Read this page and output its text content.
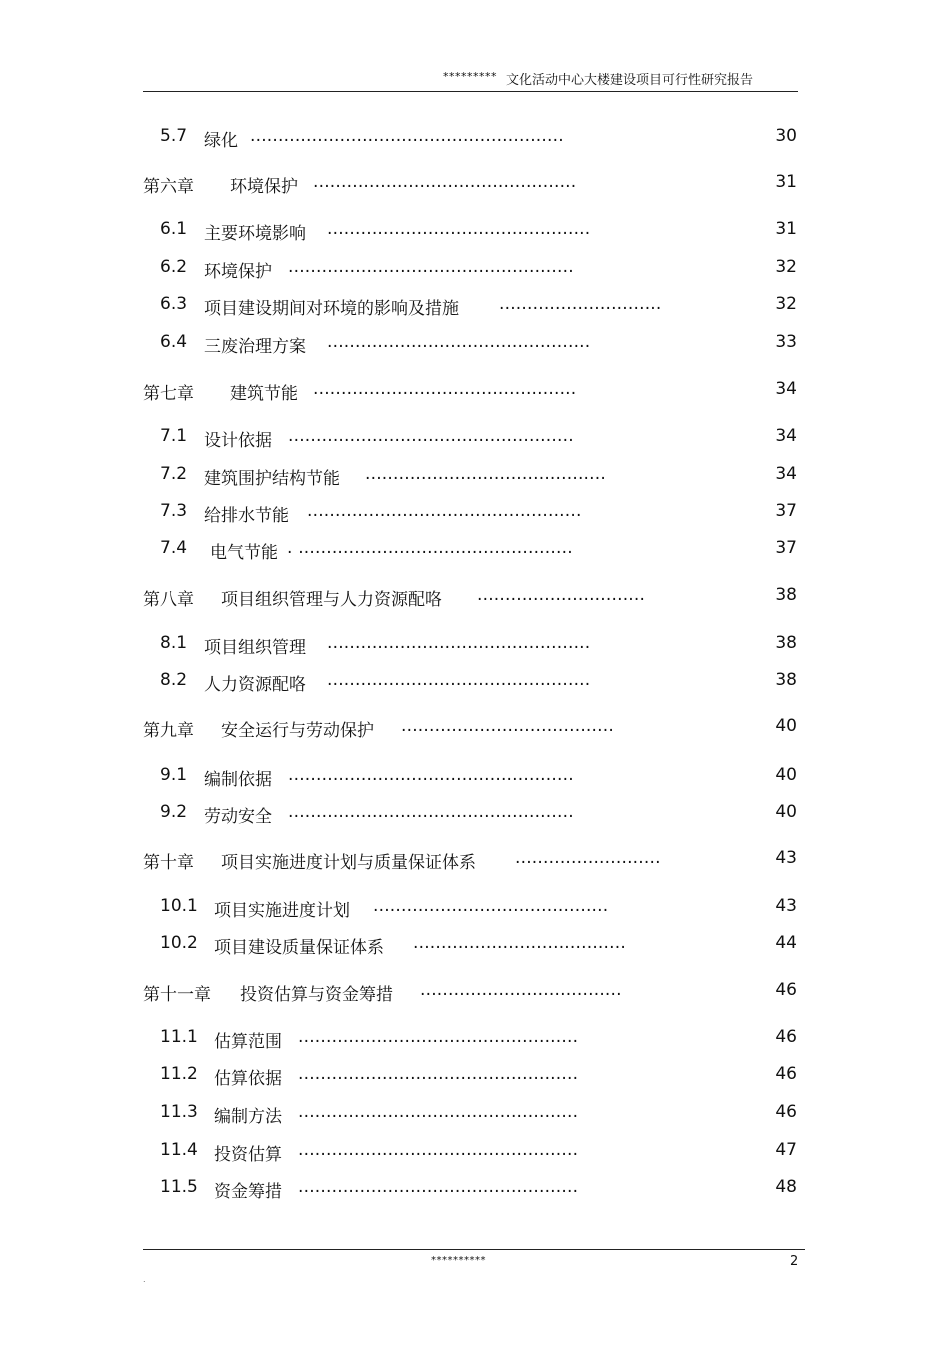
********* 文化活动中心大楼建设项目可行性研究报告
5.7 绿化 ........................................................	30
第六章 环境保护 ...............................................	31
6.1 主要环境影响 ...............................................	31
6.2 环境保护 ...................................................	32
6.3 项目建设期间对环境的影响及措施 .............................	32
6.4 三废治理方案 ...............................................	33
第七章 建筑节能 ...............................................	34
7.1 设计依据 ...................................................	34
7.2 建筑围护结构节能 ...........................................	34
7.3 给排水节能 .................................................	37
7.4 电气节能 . .................................................	37
第八章 项目组织管理与人力资源配咯 ..............................	38
8.1 项目组织管理 ...............................................	38
8.2 人力资源配咯 ...............................................	38
第九章 安全运行与劳动保护 ......................................	40
9.1 编制依据 ...................................................	40
9.2 劳动安全 ...................................................	40
第十章 项目实施进度计划与质量保证体系 ..........................	43
10.1 项目实施进度计划 ..........................................	43
10.2 项目建设质量保证体系 ......................................	44
第十一章 投资估算与资金筹措 ....................................	46
11.1 估算范围 ..................................................	46
11.2 估算依据 ..................................................	46
11.3 编制方法 ..................................................	46
11.4 投资估算 ..................................................	47
11.5 资金筹措 ..................................................	48
**********	2
.
